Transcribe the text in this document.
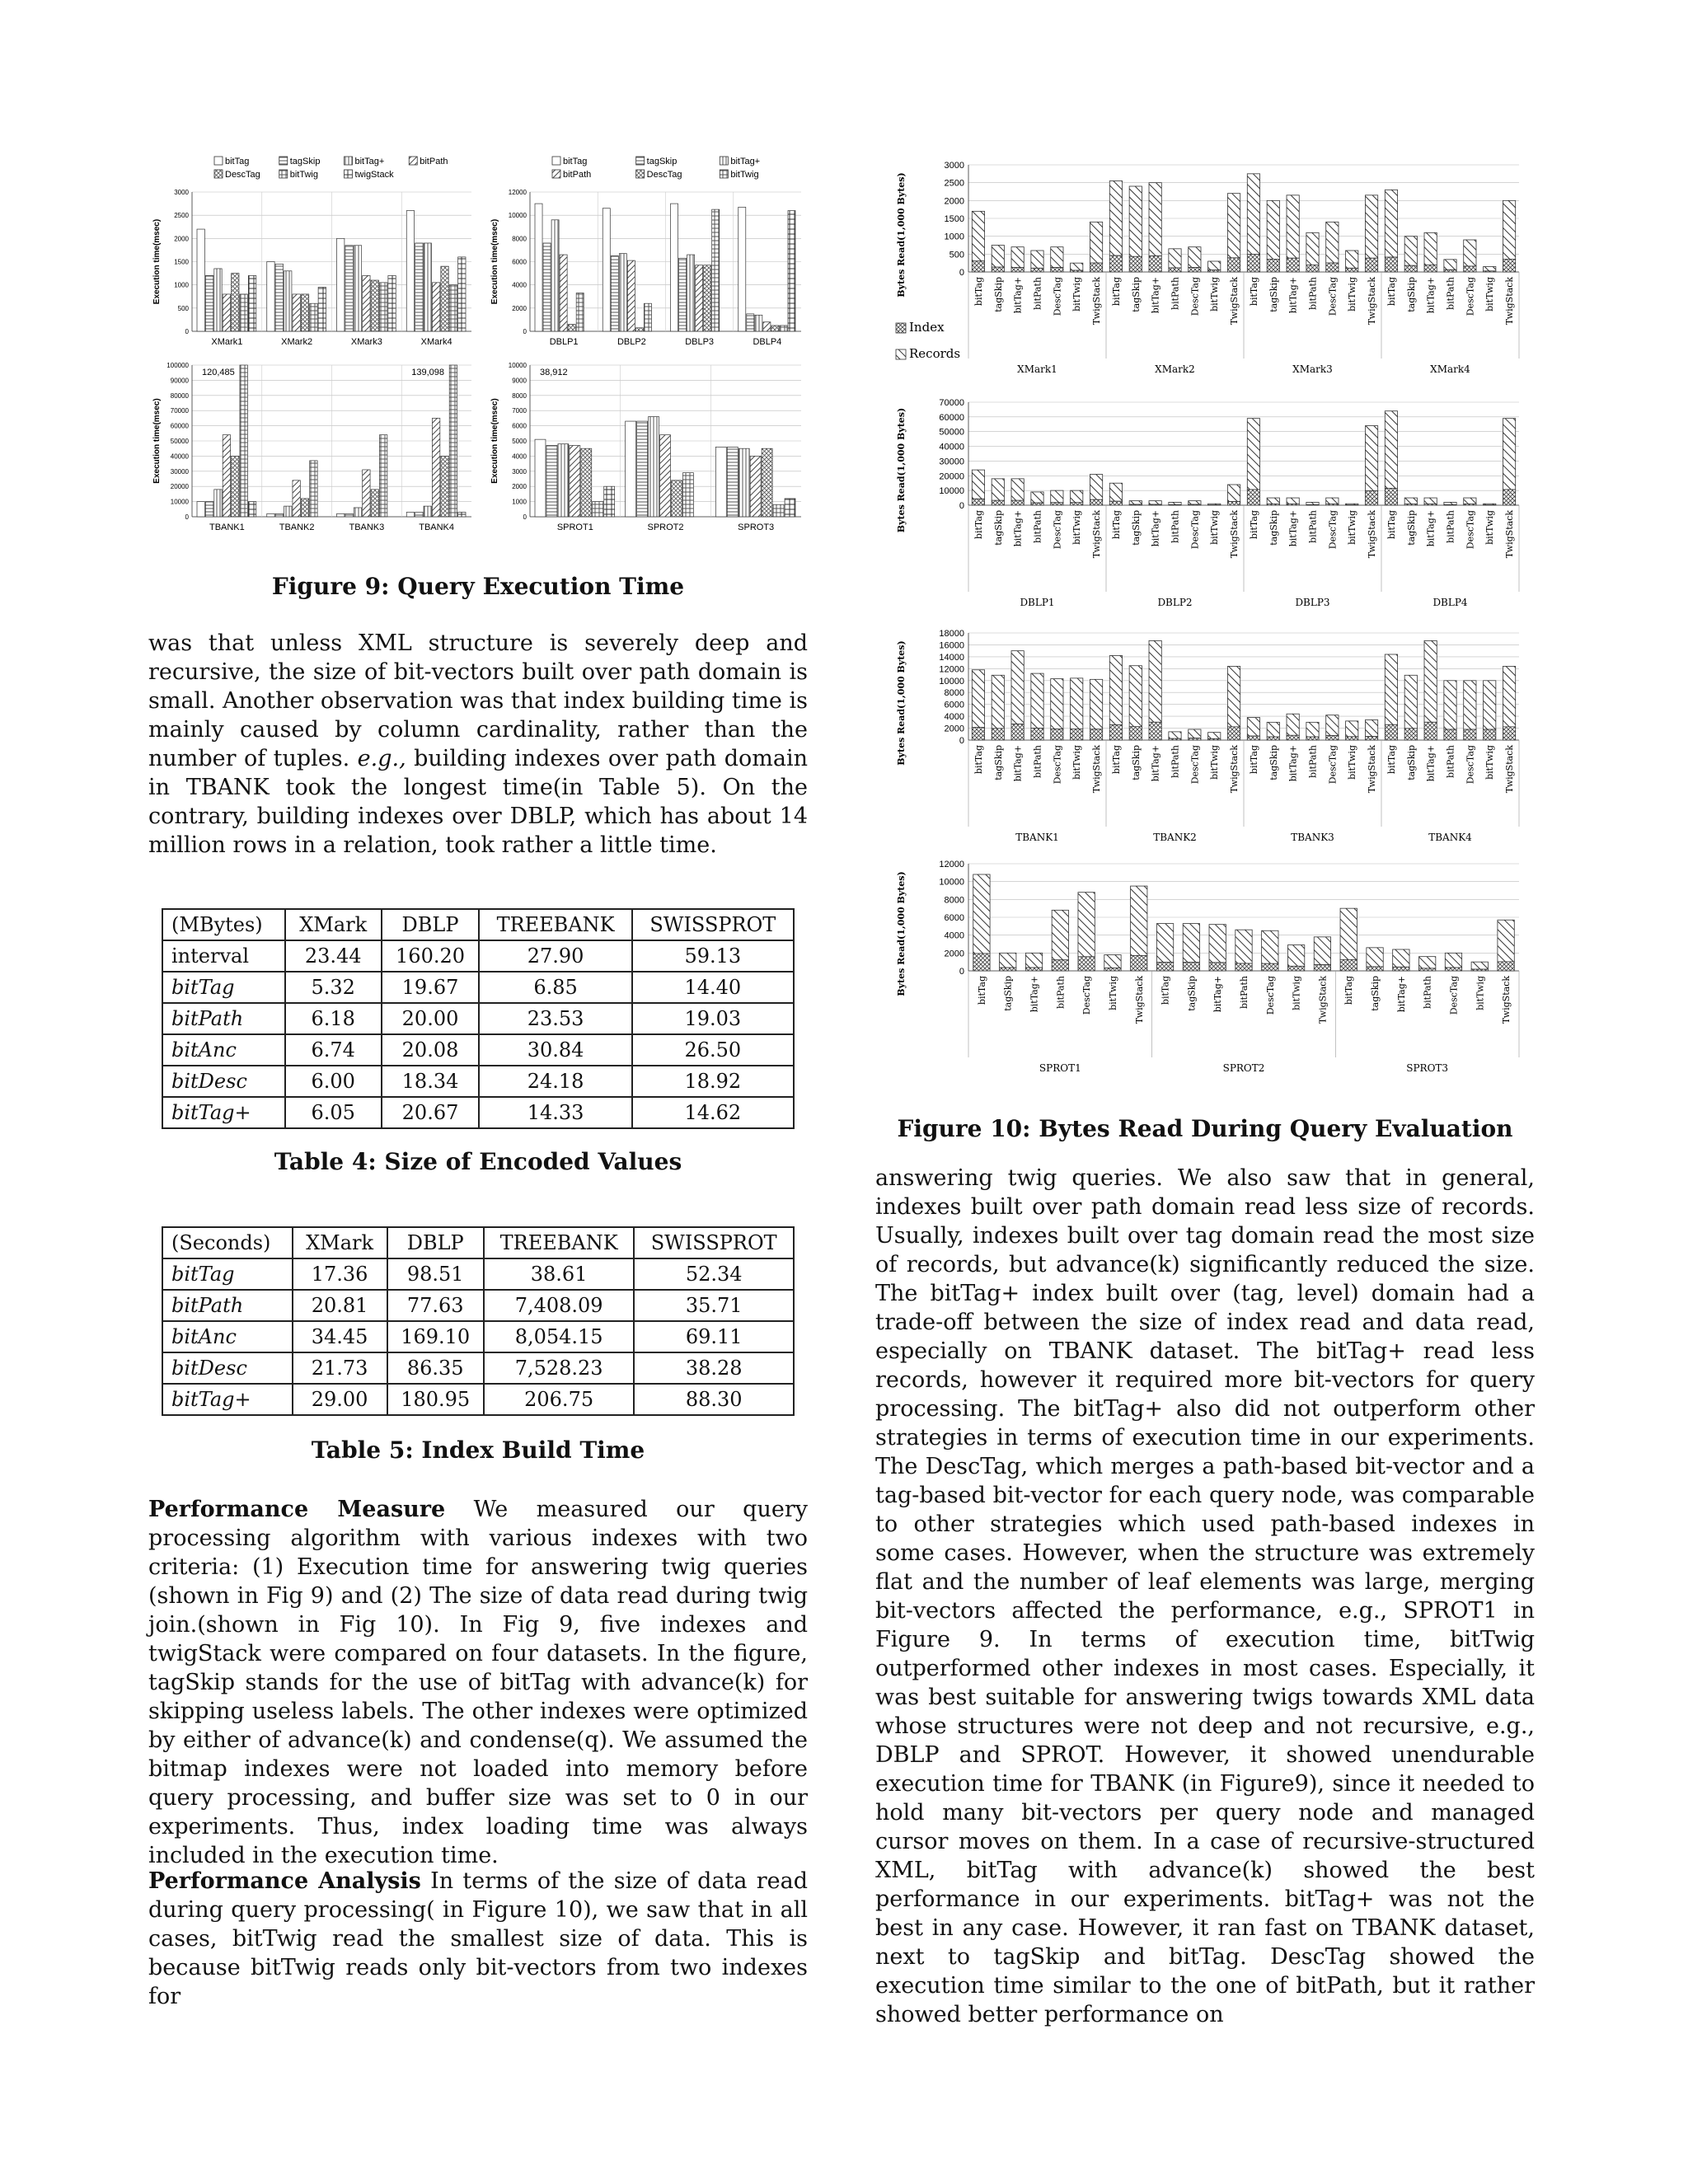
bitTag	tagSkip	bitTag+	bitPath
DescTag	bitTwig	twigStack
Execution time(msec)
0
500
1000
1500
2000
2500
3000
XMark1	XMark2	XMark3	XMark4
bitTag	tagSkip	bitTag+
bitPath	DescTag	bitTwig
Execution time(msec)
0
2000
4000
6000
8000
10000
12000
DBLP1	DBLP2	DBLP3	DBLP4
Execution time(msec)
0
10000
20000
30000
40000
50000
60000
70000
80000
90000
100000
TBANK1	TBANK2	TBANK3	TBANK4
120,485	139,098
Execution time(msec)
0
1000
2000
3000
4000
5000
6000
7000
8000
9000
10000
SPROT1	SPROT2	SPROT3
38,912
Figure 9: Query Execution Time
was that unless XML structure is severely deep and recursive, the size of bit-vectors built over path domain is small. Another observation was that index building time is mainly caused by column cardinality, rather than the number of tuples. e.g., building indexes over path domain in TBANK took the longest time(in Table 5). On the contrary, building indexes over DBLP, which has about 14 million rows in a relation, took rather a little time.
(MBytes)	XMark	DBLP	TREEBANK	SWISSPROT
interval	23.44	160.20	27.90	59.13
bitTag	5.32	19.67	6.85	14.40
bitPath	6.18	20.00	23.53	19.03
bitAnc	6.74	20.08	30.84	26.50
bitDesc	6.00	18.34	24.18	18.92
bitTag+	6.05	20.67	14.33	14.62
Table 4: Size of Encoded Values
(Seconds)	XMark	DBLP	TREEBANK	SWISSPROT
bitTag	17.36	98.51	38.61	52.34
bitPath	20.81	77.63	7,408.09	35.71
bitAnc	34.45	169.10	8,054.15	69.11
bitDesc	21.73	86.35	7,528.23	38.28
bitTag+	29.00	180.95	206.75	88.30
Table 5: Index Build Time
Performance Measure We measured our query processing algorithm with various indexes with two criteria: (1) Execution time for answering twig queries (shown in Fig 9) and (2) The size of data read during twig join.(shown in Fig 10). In Fig 9, five indexes and twigStack were compared on four datasets. In the figure, tagSkip stands for the use of bitTag with advance(k) for skipping useless labels. The other indexes were optimized by either of advance(k) and condense(q). We assumed the bitmap indexes were not loaded into memory before query processing, and buffer size was set to 0 in our experiments. Thus, index loading time was always included in the execution time.
Performance Analysis In terms of the size of data read during query processing( in Figure 10), we saw that in all cases, bitTwig read the smallest size of data. This is because bitTwig reads only bit-vectors from two indexes for
Bytes Read(1,000 Bytes)	0
500
1000
1500
2000
2500
3000
bitTag tagSkip bitTag+ bitPath DescTag bitTwig TwigStack
XMark1
bitTag tagSkip bitTag+ bitPath DescTag bitTwig TwigStack
XMark2
bitTag tagSkip bitTag+ bitPath DescTag bitTwig TwigStack
XMark3
bitTag tagSkip bitTag+ bitPath DescTag bitTwig TwigStack
XMark4
Index
Records
Bytes Read(1,000 Bytes)	0
10000
20000
30000
40000
50000
60000
70000
bitTag tagSkip bitTag+ bitPath DescTag bitTwig TwigStack
DBLP1
bitTag tagSkip bitTag+ bitPath DescTag bitTwig TwigStack
DBLP2
bitTag tagSkip bitTag+ bitPath DescTag bitTwig TwigStack
DBLP3
bitTag tagSkip bitTag+ bitPath DescTag bitTwig TwigStack
DBLP4
Bytes Read(1,000 Bytes)	0
2000
4000
6000
8000
10000
12000
14000
16000
18000
bitTag tagSkip bitTag+ bitPath DescTag bitTwig TwigStack
TBANK1
bitTag tagSkip bitTag+ bitPath DescTag bitTwig TwigStack
TBANK2
bitTag tagSkip bitTag+ bitPath DescTag bitTwig TwigStack
TBANK3
bitTag tagSkip bitTag+ bitPath DescTag bitTwig TwigStack
TBANK4
Bytes Read(1,000 Bytes)	0
2000
4000
6000
8000
10000
12000
bitTag tagSkip bitTag+ bitPath DescTag bitTwig TwigStack
SPROT1
bitTag tagSkip bitTag+ bitPath DescTag bitTwig TwigStack
SPROT2
bitTag tagSkip bitTag+ bitPath DescTag bitTwig TwigStack
SPROT3
Figure 10: Bytes Read During Query Evaluation
answering twig queries. We also saw that in general, indexes built over path domain read less size of records. Usually, indexes built over tag domain read the most size of records, but advance(k) significantly reduced the size. The bitTag+ index built over (tag, level) domain had a trade-off between the size of index read and data read, especially on TBANK dataset. The bitTag+ read less records, however it required more bit-vectors for query processing. The bitTag+ also did not outperform other strategies in terms of execution time in our experiments. The DescTag, which merges a path-based bit-vector and a tag-based bit-vector for each query node, was comparable to other strategies which used path-based indexes in some cases. However, when the structure was extremely flat and the number of leaf elements was large, merging bit-vectors affected the performance, e.g., SPROT1 in Figure 9. In terms of execution time, bitTwig outperformed other indexes in most cases. Especially, it was best suitable for answering twigs towards XML data whose structures were not deep and not recursive, e.g., DBLP and SPROT. However, it showed unendurable execution time for TBANK (in Figure9), since it needed to hold many bit-vectors per query node and managed cursor moves on them. In a case of recursive-structured XML, bitTag with advance(k) showed the best performance in our experiments. bitTag+ was not the best in any case. However, it ran fast on TBANK dataset, next to tagSkip and bitTag. DescTag showed the execution time similar to the one of bitPath, but it rather showed better performance on
